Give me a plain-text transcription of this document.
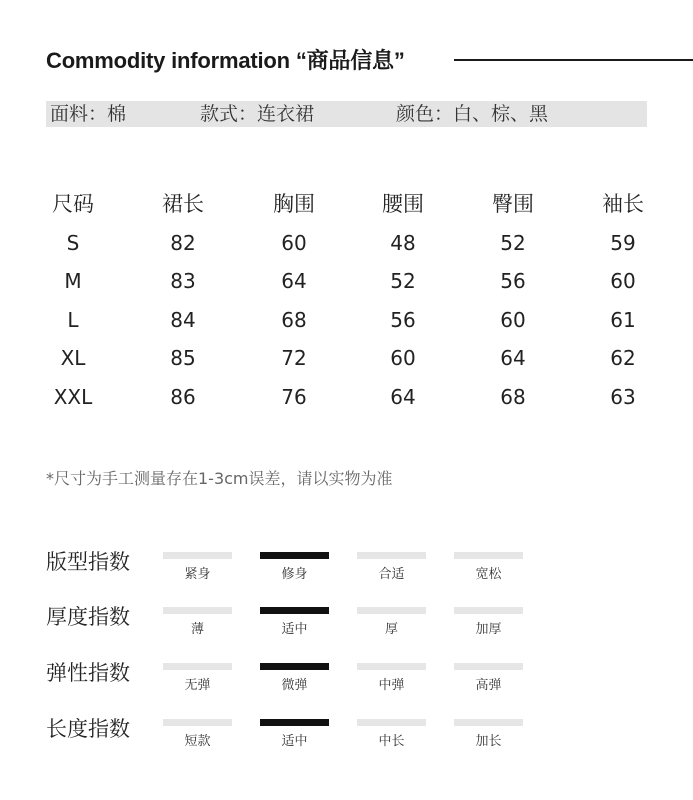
Commodity information “商品信息”
面料：棉	款式：连衣裙	颜色：白、棕、黑
尺码	裙长	胸围	腰围	臀围	袖长
S	82	60	48	52	59
M	83	64	52	56	60
L	84	68	56	60	61
XL	85	72	60	64	62
XXL	86	76	64	68	63
*尺寸为手工测量存在1-3cm误差，请以实物为准
版型指数
紧身	修身	合适	宽松
厚度指数
薄	适中	厚	加厚
弹性指数
无弹	微弹	中弹	高弹
长度指数
短款	适中	中长	加长
